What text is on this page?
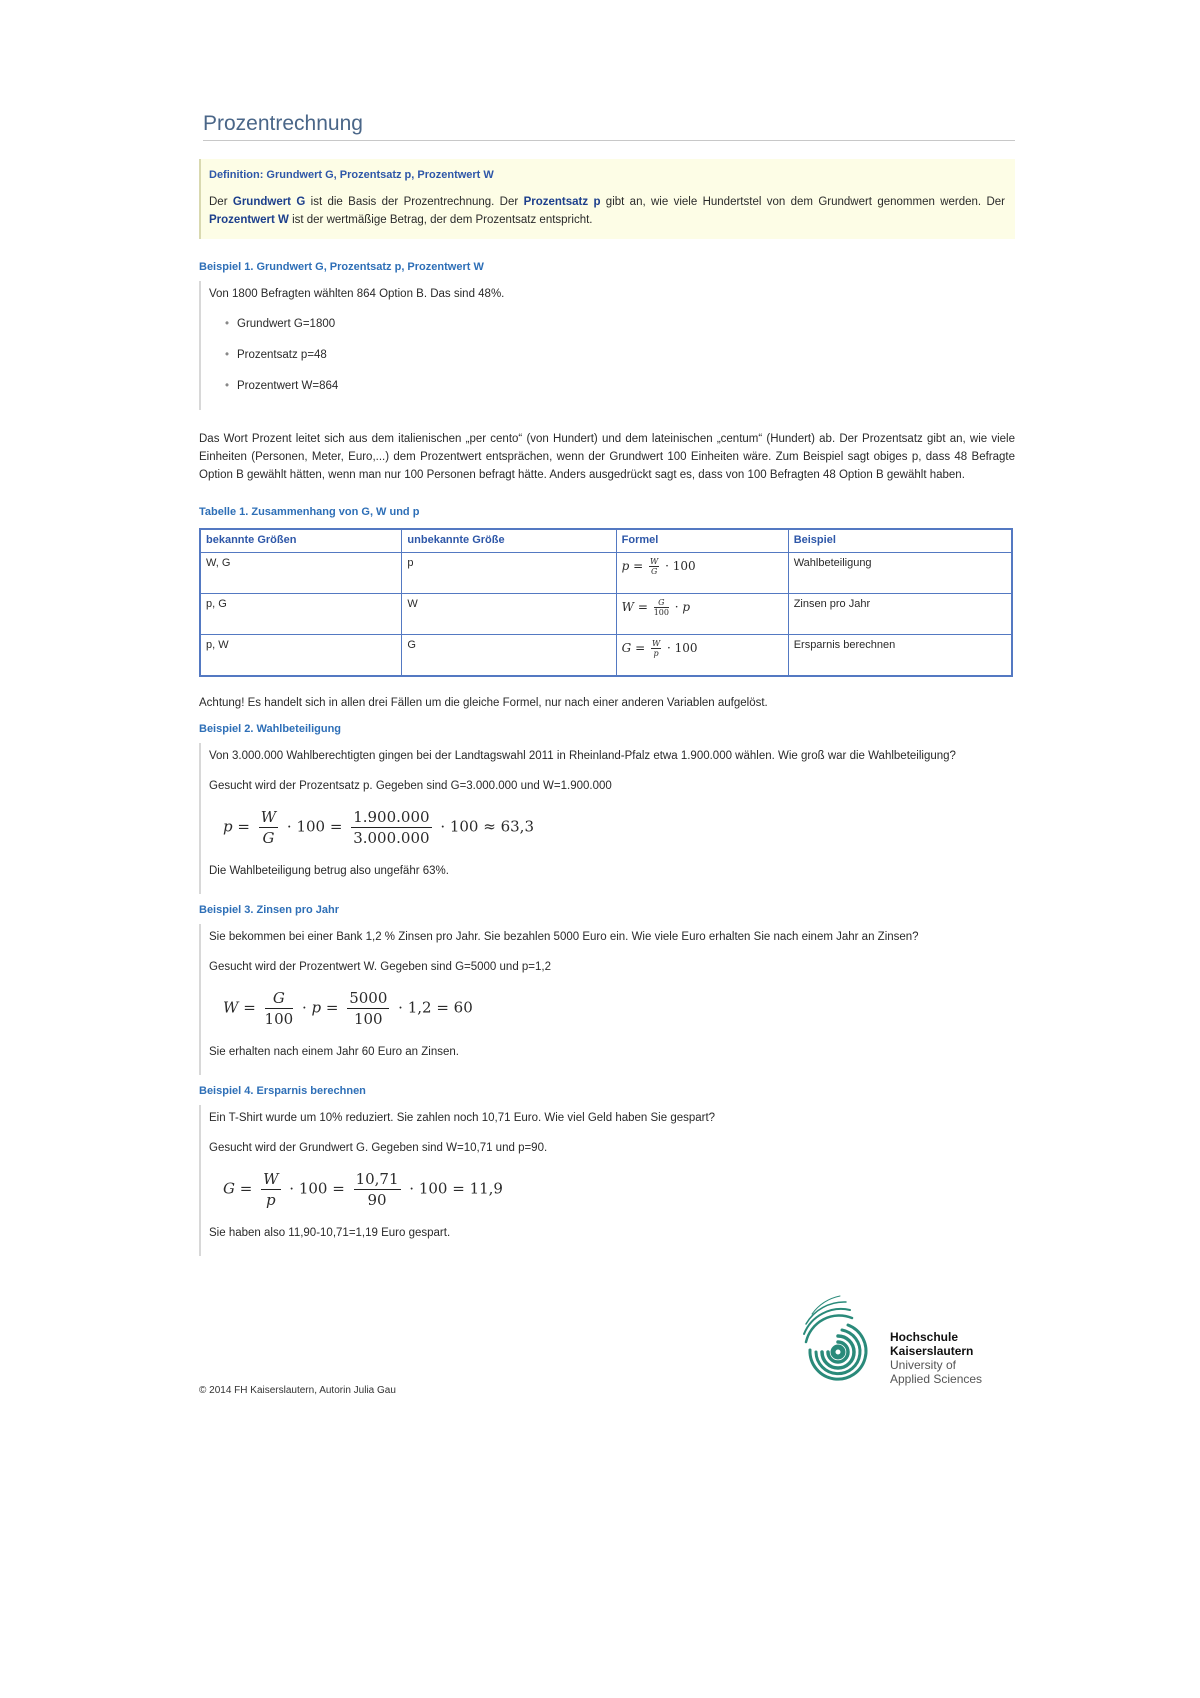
Prozentrechnung
Definition: Grundwert G, Prozentsatz p, Prozentwert W
Der Grundwert G ist die Basis der Prozentrechnung. Der Prozentsatz p gibt an, wie viele Hundertstel von dem Grundwert genommen werden. Der Prozentwert W ist der wertmäßige Betrag, der dem Prozentsatz entspricht.
Beispiel 1. Grundwert G, Prozentsatz p, Prozentwert W

Von 1800 Befragten wählten 864 Option B. Das sind 48%.

• Grundwert G=1800
• Prozentsatz p=48
• Prozentwert W=864
Das Wort Prozent leitet sich aus dem italienischen „per cento“ (von Hundert) und dem lateinischen „centum“ (Hundert) ab. Der Prozentsatz gibt an, wie viele Einheiten (Personen, Meter, Euro,...) dem Prozentwert entsprächen, wenn der Grundwert 100 Einheiten wäre. Zum Beispiel sagt obiges p, dass 48 Befragte Option B gewählt hätten, wenn man nur 100 Personen befragt hätte. Anders ausgedrückt sagt es, dass von 100 Befragten 48 Option B gewählt haben.
Tabelle 1. Zusammenhang von G, W und p
bekannte Größen	unbekannte Größe	Formel	Beispiel
W, G	p	$p = \frac{W}{G} \cdot 100$	Wahlbeteiligung
p, G	W	$W = \frac{G}{100} \cdot p$	Zinsen pro Jahr
p, W	G	$G = \frac{W}{p} \cdot 100$	Ersparnis berechnen
Achtung! Es handelt sich in allen drei Fällen um die gleiche Formel, nur nach einer anderen Variablen aufgelöst.
Beispiel 2. Wahlbeteiligung

Von 3.000.000 Wahlberechtigten gingen bei der Landtagswahl 2011 in Rheinland-Pfalz etwa 1.900.000 wählen. Wie groß war die Wahlbeteiligung?

Gesucht wird der Prozentsatz p. Gegeben sind G=3.000.000 und W=1.900.000

$p = \frac{W}{G} \cdot 100 = \frac{1.900.000}{3.000.000} \cdot 100 \approx 63,3$

Die Wahlbeteiligung betrug also ungefähr 63%.

Beispiel 3. Zinsen pro Jahr

Sie bekommen bei einer Bank 1,2 % Zinsen pro Jahr. Sie bezahlen 5000 Euro ein. Wie viele Euro erhalten Sie nach einem Jahr an Zinsen?

Gesucht wird der Prozentwert W. Gegeben sind G=5000 und p=1,2

$W = \frac{G}{100} \cdot p = \frac{5000}{100} \cdot 1,2 = 60$

Sie erhalten nach einem Jahr 60 Euro an Zinsen.

Beispiel 4. Ersparnis berechnen

Ein T-Shirt wurde um 10% reduziert. Sie zahlen noch 10,71 Euro. Wie viel Geld haben Sie gespart?

Gesucht wird der Grundwert G. Gegeben sind W=10,71 und p=90.

$G = \frac{W}{p} \cdot 100 = \frac{10,71}{90} \cdot 100 = 11,9$

Sie haben also 11,90-10,71=1,19 Euro gespart.

Hochschule
Kaiserslautern
University of
Applied Sciences
© 2014 FH Kaiserslautern, Autorin Julia Gau
